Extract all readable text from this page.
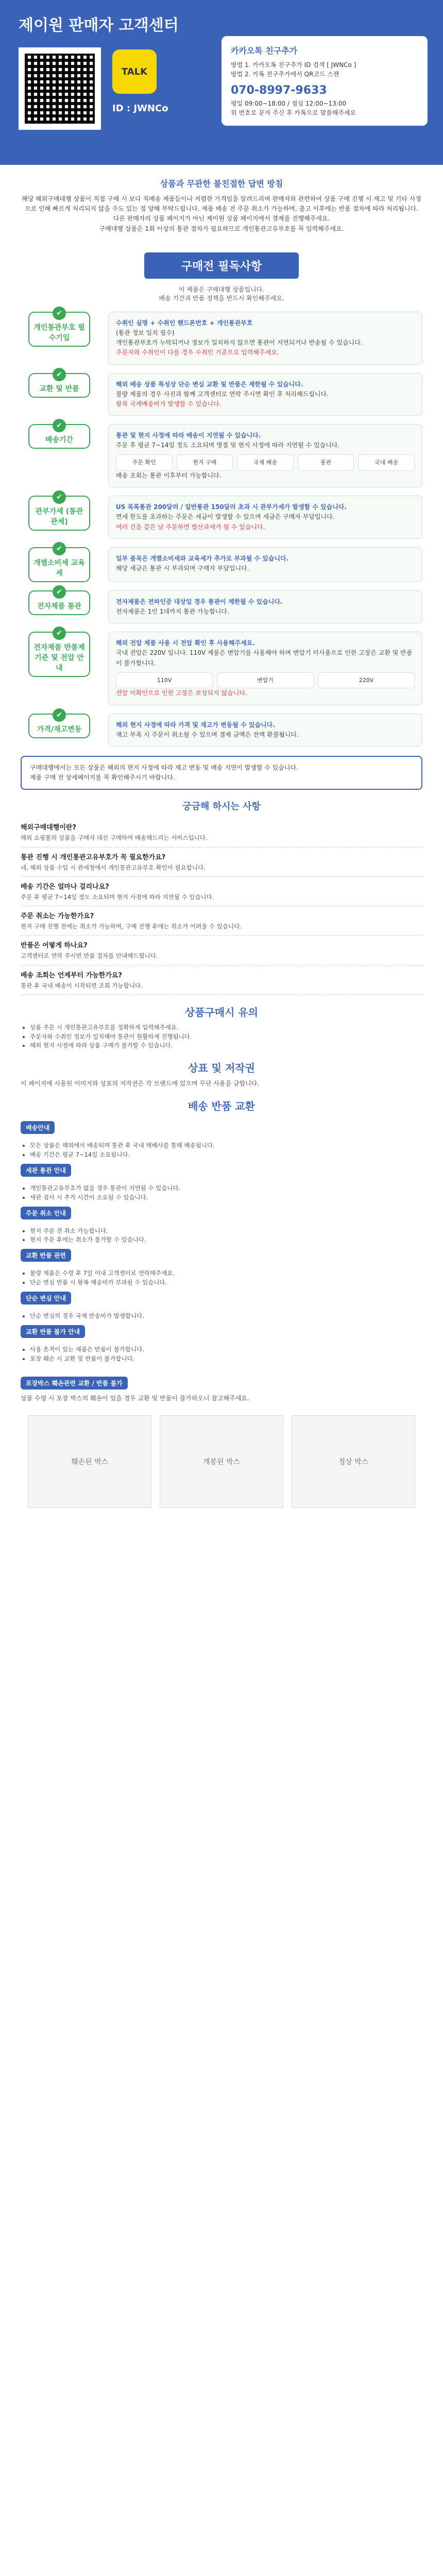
제이원 판매자 고객센터
TALK
ID : JWNCo
카카오톡 친구추가

방법 1. 카카오톡 친구추가 ID 검색 [ JWNCo ]

방법 2. 카톡 친구추가에서 QR코드 스캔

070-8997-9633

평일 09:00~18:00 / 점심 12:00~13:00

위 번호로 문자 주신 후 카톡으로 말씀해주세요

상품과 무관한 불친절한 답변 방침

해당 해외구매대행 상품이 직접 구매 시 보다 직배송 제품들이나 저렴한 가격임을 알려드리며 판매자와 관련하여 상품 구매 진행 시 재고 및 기타 사정으로 인해 빠르게 처리되지 않을 수도 있는 점 양해 부탁드립니다. 제품 배송 전 주문 취소가 가능하며, 출고 이후에는 반품 절차에 따라 처리됩니다.

다른 판매자의 상품 페이지가 아닌 제이원 상품 페이지에서 결제를 진행해주세요.

구매대행 상품은 1회 이상의 통관 절차가 필요하므로 개인통관고유부호를 꼭 입력해주세요.

구매전 필독사항
이 제품은 구매대행 상품입니다.
배송 기간과 반품 정책을 반드시 확인해주세요.
✔ 개인통관부호 필수기입
수취인 실명 + 수취인 핸드폰번호 + 개인통관부호
(통관 정보 일치 필수)
개인통관부호가 누락되거나 정보가 일치하지 않으면 통관이 지연되거나 반송될 수 있습니다.
주문자와 수취인이 다를 경우 수취인 기준으로 입력해주세요.
✔ 교환 및 반품
해외 배송 상품 특성상 단순 변심 교환 및 반품은 제한될 수 있습니다.
불량 제품의 경우 사진과 함께 고객센터로 연락 주시면 확인 후 처리해드립니다.
왕복 국제배송비가 발생할 수 있습니다.
✔ 배송기간
통관 및 현지 사정에 따라 배송이 지연될 수 있습니다.
주문 후 평균 7~14일 정도 소요되며 명절 및 현지 사정에 따라 지연될 수 있습니다.
주문 확인	현지 구매	국제 배송	통관	국내 배송
배송 조회는 통관 이후부터 가능합니다.
✔ 관부가세 (통관관세)
US 목록통관 200달러 / 일반통관 150달러 초과 시 관부가세가 발생할 수 있습니다.
면세 한도를 초과하는 주문은 세금이 발생할 수 있으며 세금은 구매자 부담입니다.
여러 건을 같은 날 주문하면 합산과세가 될 수 있습니다.
✔ 개별소비세 교육세
일부 품목은 개별소비세와 교육세가 추가로 부과될 수 있습니다.
해당 세금은 통관 시 부과되며 구매자 부담입니다.
✔ 전자제품 통관
전자제품은 전파인증 대상일 경우 통관이 제한될 수 있습니다.
전자제품은 1인 1대까지 통관 가능합니다.
✔ 전자제품 반품제기준 및 전압 안내
해외 전압 제품 사용 시 전압 확인 후 사용해주세요.
국내 전압은 220V 입니다. 110V 제품은 변압기를 사용해야 하며 변압기 미사용으로 인한 고장은 교환 및 반품이 불가합니다.
110V	변압기	220V
전압 미확인으로 인한 고장은 보상되지 않습니다.
✔ 가격/재고변동
해외 현지 사정에 따라 가격 및 재고가 변동될 수 있습니다.
재고 부족 시 주문이 취소될 수 있으며 결제 금액은 전액 환불됩니다.
구매대행에서는 모든 상품은 해외의 현지 사정에 따라 재고 변동 및 배송 지연이 발생할 수 있습니다.
제품 구매 전 상세페이지를 꼭 확인해주시기 바랍니다.
궁금해 하시는 사항
해외구매대행이란?

해외 쇼핑몰의 상품을 구매자 대신 구매하여 배송해드리는 서비스입니다.

통관 진행 시 개인통관고유부호가 꼭 필요한가요?

네, 해외 상품 수입 시 관세청에서 개인통관고유부호 확인이 필요합니다.

배송 기간은 얼마나 걸리나요?

주문 후 평균 7~14일 정도 소요되며 현지 사정에 따라 지연될 수 있습니다.

주문 취소는 가능한가요?

현지 구매 진행 전에는 취소가 가능하며, 구매 진행 후에는 취소가 어려울 수 있습니다.

반품은 어떻게 하나요?

고객센터로 연락 주시면 반품 절차를 안내해드립니다.

배송 조회는 언제부터 가능한가요?

통관 후 국내 배송이 시작되면 조회 가능합니다.

상품구매시 유의
• 상품 주문 시 개인통관고유부호를 정확하게 입력해주세요.
• 주문자와 수취인 정보가 일치해야 통관이 원활하게 진행됩니다.
• 해외 현지 사정에 따라 상품 구매가 불가할 수 있습니다.
상표 및 저작권

이 페이지에 사용된 이미지와 상표의 저작권은 각 브랜드에 있으며 무단 사용을 금합니다.

배송 반품 교환
배송안내
• 모든 상품은 해외에서 배송되며 통관 후 국내 택배사를 통해 배송됩니다.
• 배송 기간은 평균 7~14일 소요됩니다.
세관 통관 안내
• 개인통관고유부호가 없을 경우 통관이 지연될 수 있습니다.
• 세관 검사 시 추가 시간이 소요될 수 있습니다.
주문 취소 안내
• 현지 주문 전 취소 가능합니다.
• 현지 주문 후에는 취소가 불가할 수 있습니다.
교환 반품 관련
• 불량 제품은 수령 후 7일 이내 고객센터로 연락해주세요.
• 단순 변심 반품 시 왕복 배송비가 부과될 수 있습니다.
단순 변심 안내
• 단순 변심의 경우 국제 반송비가 발생합니다.
교환 반품 불가 안내
• 사용 흔적이 있는 제품은 반품이 불가합니다.
• 포장 훼손 시 교환 및 반품이 불가합니다.
포장박스 훼손관련 교환 / 반품 불가

상품 수령 시 포장 박스의 훼손이 있을 경우 교환 및 반품이 불가하오니 참고해주세요.

훼손된 박스	개봉된 박스	정상 박스
